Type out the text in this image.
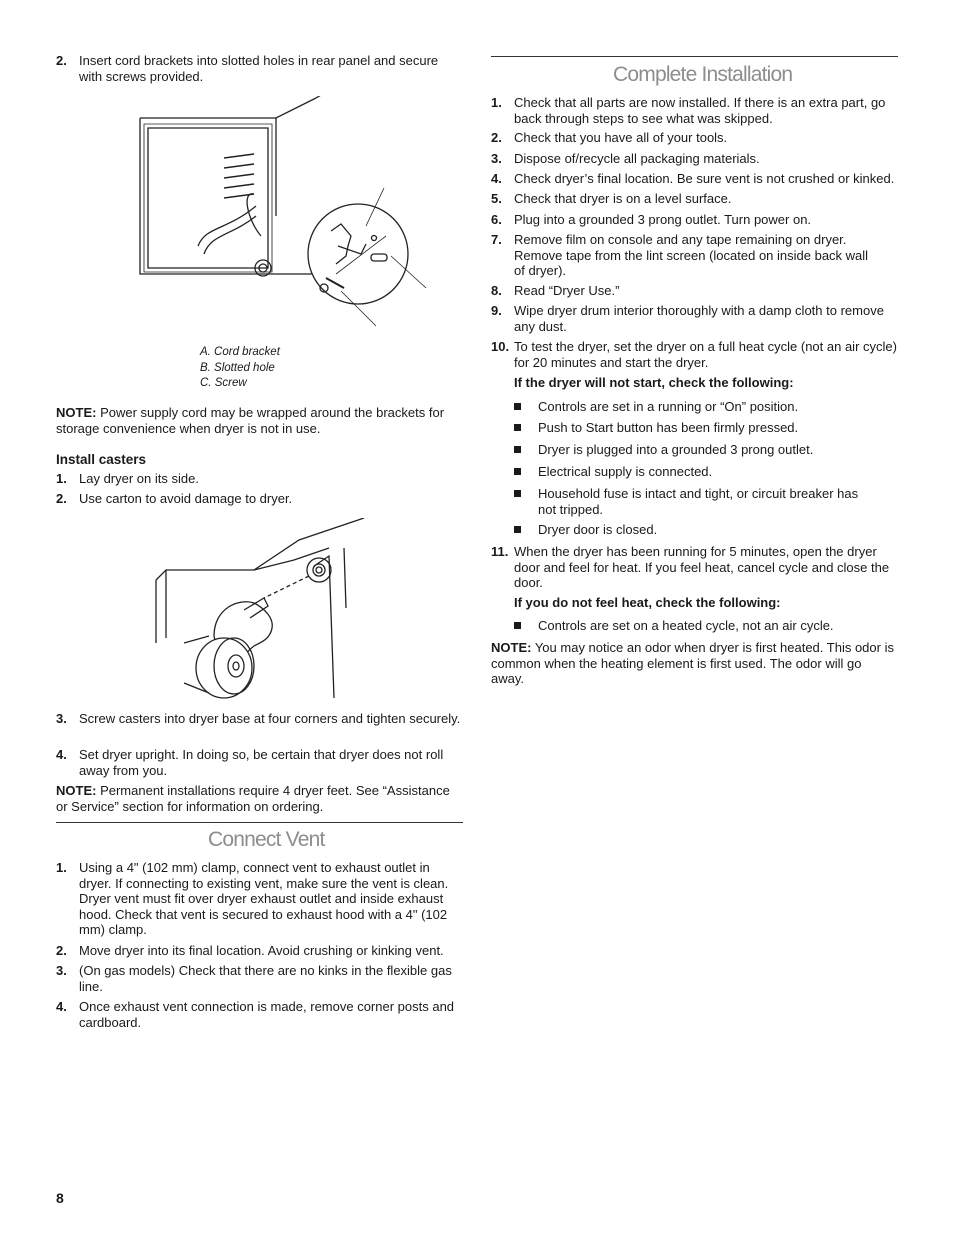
2. Insert cord brackets into slotted holes in rear panel and secure with screws provided.
A. Cord bracket
B. Slotted hole
C. Screw
NOTE: Power supply cord may be wrapped around the brackets for storage convenience when dryer is not in use.
Install casters
1. Lay dryer on its side.
2. Use carton to avoid damage to dryer.
3. Screw casters into dryer base at four corners and tighten securely.
4. Set dryer upright. In doing so, be certain that dryer does not roll away from you.
NOTE: Permanent installations require 4 dryer feet. See “Assistance or Service” section for information on ordering.
Connect Vent
1. Using a 4" (102 mm) clamp, connect vent to exhaust outlet in dryer. If connecting to existing vent, make sure the vent is clean. Dryer vent must fit over dryer exhaust outlet and inside exhaust hood. Check that vent is secured to exhaust hood with a 4" (102 mm) clamp.
2. Move dryer into its final location. Avoid crushing or kinking vent.
3. (On gas models) Check that there are no kinks in the flexible gas line.
4. Once exhaust vent connection is made, remove corner posts and cardboard.
Complete Installation
1. Check that all parts are now installed. If there is an extra part, go back through steps to see what was skipped.
2. Check that you have all of your tools.
3. Dispose of/recycle all packaging materials.
4. Check dryer’s final location. Be sure vent is not crushed or kinked.
5. Check that dryer is on a level surface.
6. Plug into a grounded 3 prong outlet. Turn power on.
7. Remove film on console and any tape remaining on dryer. Remove tape from the lint screen (located on inside back wall of dryer).
8. Read “Dryer Use.”
9. Wipe dryer drum interior thoroughly with a damp cloth to remove any dust.
10. To test the dryer, set the dryer on a full heat cycle (not an air cycle) for 20 minutes and start the dryer.
If the dryer will not start, check the following:
Controls are set in a running or “On” position.
Push to Start button has been firmly pressed.
Dryer is plugged into a grounded 3 prong outlet.
Electrical supply is connected.
Household fuse is intact and tight, or circuit breaker has not tripped.
Dryer door is closed.
11. When the dryer has been running for 5 minutes, open the dryer door and feel for heat. If you feel heat, cancel cycle and close the door.
If you do not feel heat, check the following:
Controls are set on a heated cycle, not an air cycle.
NOTE: You may notice an odor when dryer is first heated. This odor is common when the heating element is first used. The odor will go away.
8
